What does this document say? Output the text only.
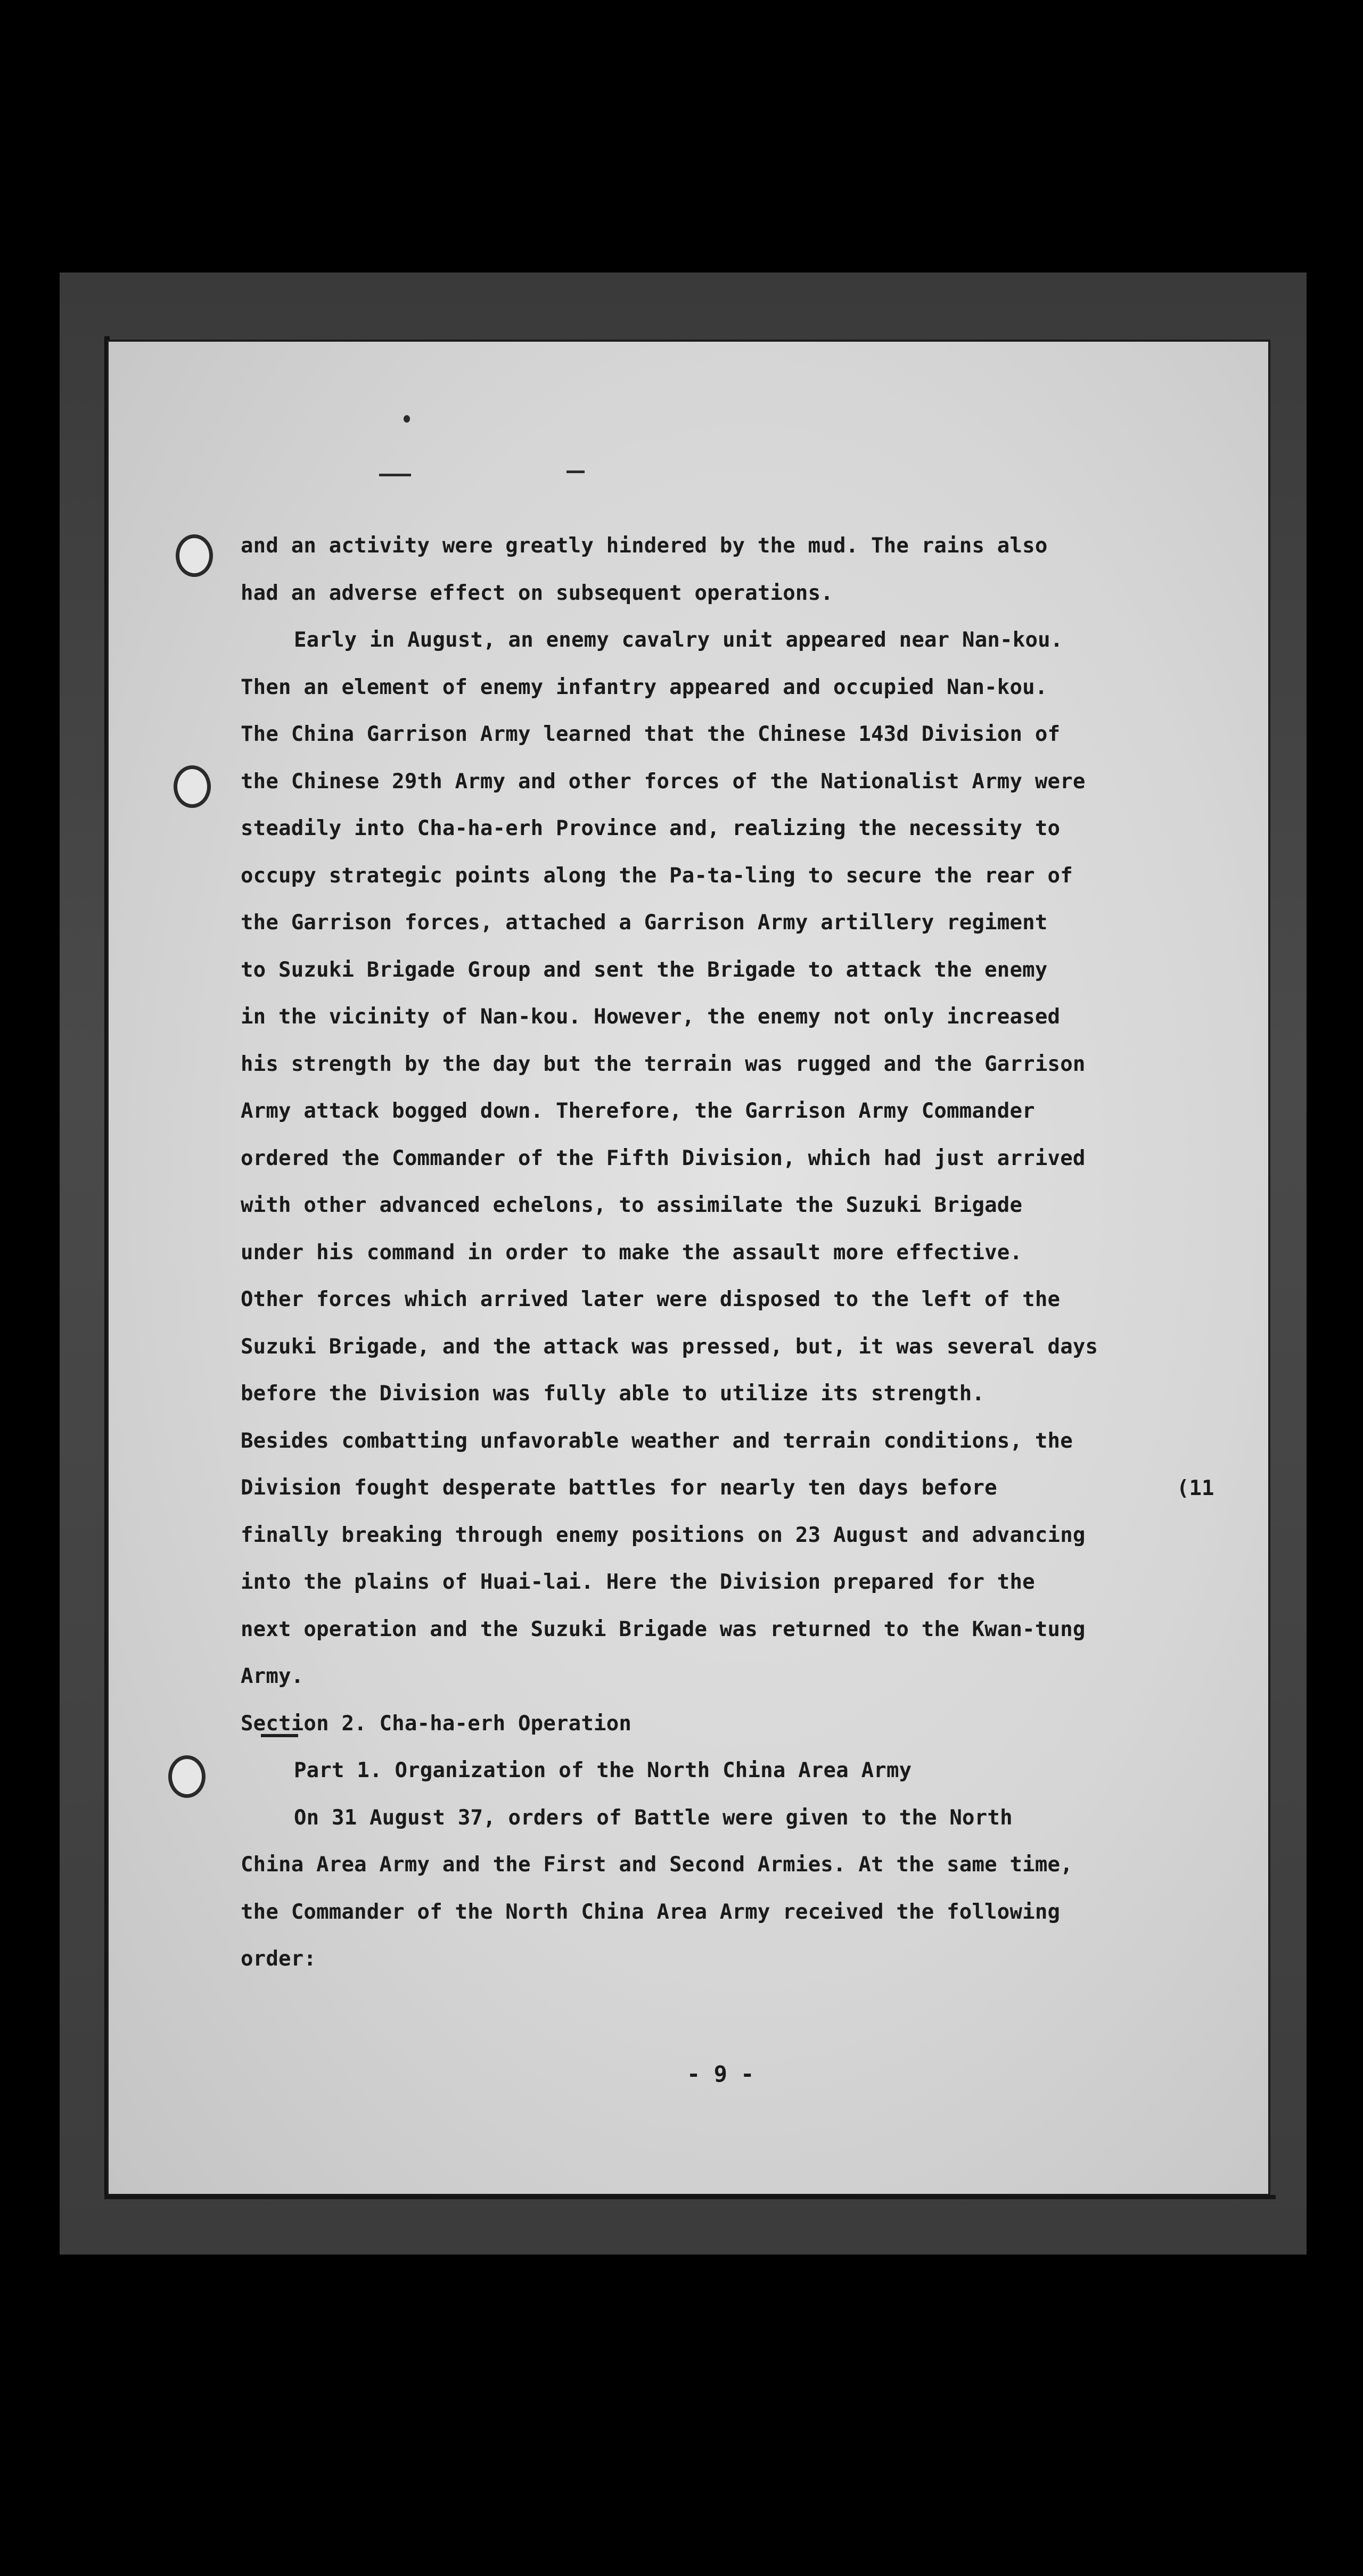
and an activity were greatly hindered by the mud. The rains also
had an adverse effect on subsequent operations.
Early in August, an enemy cavalry unit appeared near Nan-kou.
Then an element of enemy infantry appeared and occupied Nan-kou.
The China Garrison Army learned that the Chinese 143d Division of
the Chinese 29th Army and other forces of the Nationalist Army were
steadily into Cha-ha-erh Province and, realizing the necessity to
occupy strategic points along the Pa-ta-ling to secure the rear of
the Garrison forces, attached a Garrison Army artillery regiment
to Suzuki Brigade Group and sent the Brigade to attack the enemy
in the vicinity of Nan-kou. However, the enemy not only increased
his strength by the day but the terrain was rugged and the Garrison
Army attack bogged down. Therefore, the Garrison Army Commander
ordered the Commander of the Fifth Division, which had just arrived
with other advanced echelons, to assimilate the Suzuki Brigade
under his command in order to make the assault more effective.
Other forces which arrived later were disposed to the left of the
Suzuki Brigade, and the attack was pressed, but, it was several days
before the Division was fully able to utilize its strength.
Besides combatting unfavorable weather and terrain conditions, the
Division fought desperate battles for nearly ten days before
finally breaking through enemy positions on 23 August and advancing
into the plains of Huai-lai. Here the Division prepared for the
next operation and the Suzuki Brigade was returned to the Kwan-tung
Army.
Section 2. Cha-ha-erh Operation
Part 1. Organization of the North China Area Army
On 31 August 37, orders of Battle were given to the North
China Area Army and the First and Second Armies. At the same time,
the Commander of the North China Area Army received the following
order:
(11
- 9 -
